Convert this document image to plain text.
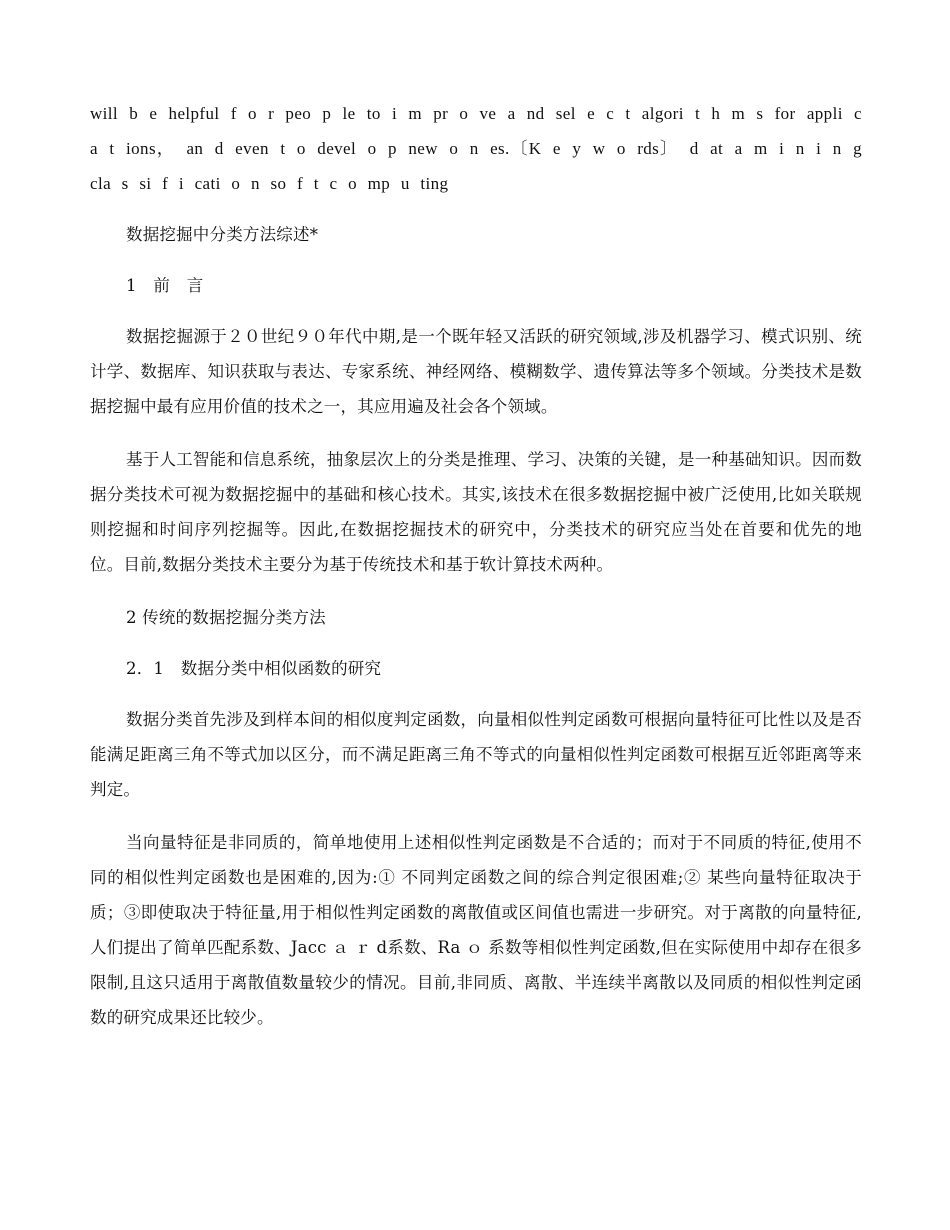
will b e helpful f o r peo p le to i m pr o ve a nd sel e c t algori t h m s for appli c a t ions， an d even t o devel o p new o n es.〔K e y w o rds〕 d at a m i n i n g cla s si f i cati o n so f t c o mp u ting

数据挖掘中分类方法综述*

1　前　言

数据挖掘源于２０世纪９０年代中期,是一个既年轻又活跃的研究领域,涉及机器学习、模式识别、统计学、数据库、知识获取与表达、专家系统、神经网络、模糊数学、遗传算法等多个领域。分类技术是数据挖掘中最有应用价值的技术之一，其应用遍及社会各个领域。

基于人工智能和信息系统，抽象层次上的分类是推理、学习、决策的关键，是一种基础知识。因而数据分类技术可视为数据挖掘中的基础和核心技术。其实,该技术在很多数据挖掘中被广泛使用,比如关联规则挖掘和时间序列挖掘等。因此,在数据挖掘技术的研究中，分类技术的研究应当处在首要和优先的地位。目前,数据分类技术主要分为基于传统技术和基于软计算技术两种。

2 传统的数据挖掘分类方法

2．1　数据分类中相似函数的研究

数据分类首先涉及到样本间的相似度判定函数，向量相似性判定函数可根据向量特征可比性以及是否能满足距离三角不等式加以区分，而不满足距离三角不等式的向量相似性判定函数可根据互近邻距离等来判定。

当向量特征是非同质的，简单地使用上述相似性判定函数是不合适的；而对于不同质的特征,使用不同的相似性判定函数也是困难的,因为:① 不同判定函数之间的综合判定很困难;② 某些向量特征取决于质；③即使取决于特征量,用于相似性判定函数的离散值或区间值也需进一步研究。对于离散的向量特征,人们提出了简单匹配系数、Jacc ａ ｒ d系数、Ra ｏ 系数等相似性判定函数,但在实际使用中却存在很多限制,且这只适用于离散值数量较少的情况。目前,非同质、离散、半连续半离散以及同质的相似性判定函数的研究成果还比较少。
